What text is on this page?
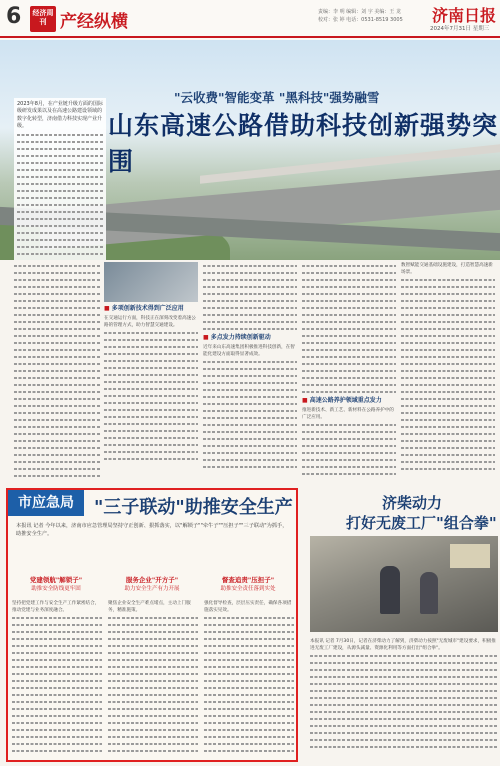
6	经济周刊 产经纵横	责编：李 明 编辑：刘 宇 美编：王 龙
校对：张 婷 电话：0531-8519 3005	济南日报
2024年7月31日 星期三
"云收费"智能变革 "黑科技"强势融雪
山东高速公路借助科技创新强势突围
2023年8月，在产业链升级方面的国际级研发成果以及在高速公路建设领域的数字化转型，济南借力科技实现产业升级。
■ 多项创新技术得到广泛应用
在交通运行方面，科技正在深刻改变着高速公路的管理方式，助力智慧交通建设。
■ 多点发力持续创新驱动
近年来山东高速集团积极推进科技创新，在智能化建设方面取得显著成效。
■ 高速公路养护领域重点发力
推进新技术、新工艺、新材料在公路养护中的广泛应用。
数智赋能交通基础设施建设，打造智慧高速新场景。
市应急局	"三子联动"助推安全生产
本报讯 记者 今年以来，济南市应急管理局坚持守正创新、狠抓落实，以"解锁子""牵牛子""压担子""三子联动"为抓手，助推安全生产。
党建领航"解锁子"
助推安全防线更牢固
服务企业"开方子"
助力安全生产有力开展
督查追责"压担子"
助推安全责任落到实处
坚持把党建工作与安全生产工作紧密结合，推动党建与业务深度融合。
聚焦企业安全生产难点堵点，主动上门服务，精准施策。
强化督导检查，层层压实责任，确保各项措施落实见效。
济柴动力
打好无废工厂"组合拳"
本报讯 记者 7月30日，记者在济柴动力了解到，济柴动力按照"无废城市"建设要求，积极推进无废工厂建设，从源头减量、资源化利用等方面打出"组合拳"。
